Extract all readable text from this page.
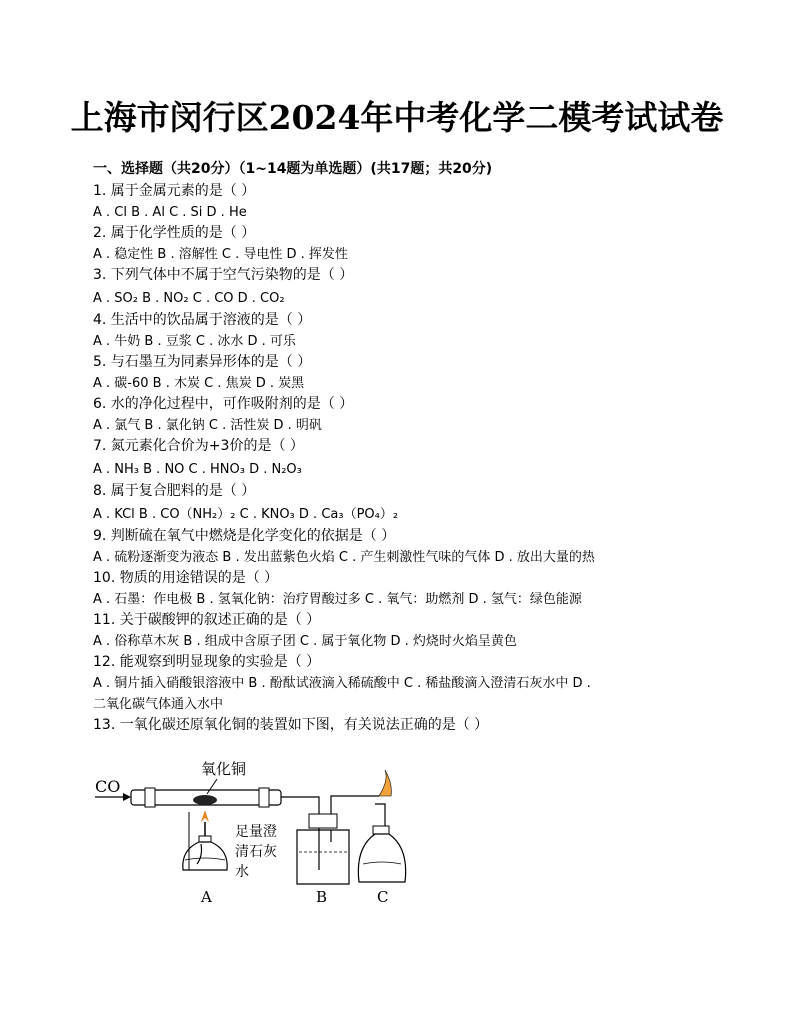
上海市闵行区2024年中考化学二模考试试卷
一、选择题（共20分）（1~14题为单选题）(共17题；共20分)
1. 属于金属元素的是（ ）
A . Cl B . Al C . Si D . He
2. 属于化学性质的是（ ）
A . 稳定性 B . 溶解性 C . 导电性 D . 挥发性
3. 下列气体中不属于空气污染物的是（ ）
A . SO₂ B . NO₂ C . CO D . CO₂
4. 生活中的饮品属于溶液的是（ ）
A . 牛奶 B . 豆浆 C . 冰水 D . 可乐
5. 与石墨互为同素异形体的是（ ）
A . 碳-60 B . 木炭 C . 焦炭 D . 炭黑
6. 水的净化过程中，可作吸附剂的是（ ）
A . 氯气 B . 氯化钠 C . 活性炭 D . 明矾
7. 氮元素化合价为+3价的是（ ）
A . NH₃ B . NO C . HNO₃ D . N₂O₃
8. 属于复合肥料的是（ ）
A . KCl B . CO（NH₂）₂ C . KNO₃ D . Ca₃（PO₄）₂
9. 判断硫在氧气中燃烧是化学变化的依据是（ ）
A . 硫粉逐渐变为液态 B . 发出蓝紫色火焰 C . 产生刺激性气味的气体 D . 放出大量的热
10. 物质的用途错误的是（ ）
A . 石墨：作电极 B . 氢氧化钠：治疗胃酸过多 C . 氧气：助燃剂 D . 氢气：绿色能源
11. 关于碳酸钾的叙述正确的是（ ）
A . 俗称草木灰 B . 组成中含原子团 C . 属于氧化物 D . 灼烧时火焰呈黄色
12. 能观察到明显现象的实验是（ ）
A . 铜片插入硝酸银溶液中 B . 酚酞试液滴入稀硫酸中 C . 稀盐酸滴入澄清石灰水中 D .
二氧化碳气体通入水中
13. 一氧化碳还原氧化铜的装置如下图，有关说法正确的是（ ）
CO
氧化铜
足量澄
清石灰
水
A	B	C
